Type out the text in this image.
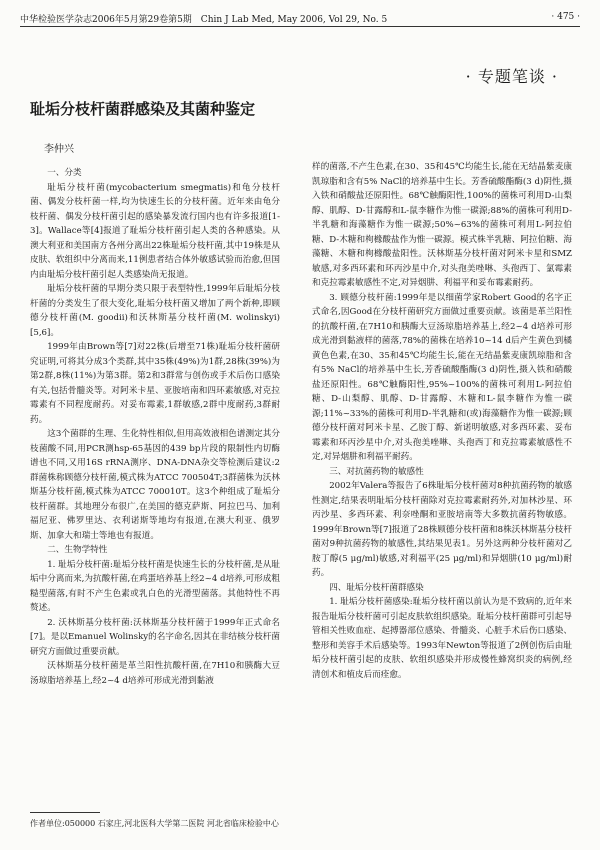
中华检验医学杂志2006年5月第29卷第5期　Chin J Lab Med, May 2006, Vol 29, No. 5	· 475 ·
· 专题笔谈 ·
耻垢分枝杆菌群感染及其菌种鉴定
李仲兴
一、分类

耻垢分枝杆菌(mycobacterium smegmatis)和龟分枝杆菌、偶发分枝杆菌一样,均为快速生长的分枝杆菌。近年来由龟分枝杆菌、偶发分枝杆菌引起的感染暴发流行国内也有许多报道[1-3]。Wallace等[4]报道了耻垢分枝杆菌引起人类的各种感染。从澳大利亚和美国南方各州分离出22株耻垢分枝杆菌,其中19株是从皮肤、软组织中分离而来,11例患者结合体外敏感试验而治愈,但国内由耻垢分枝杆菌引起人类感染尚无报道。

耻垢分枝杆菌的早期分类只限于表型特性,1999年后耻垢分枝杆菌的分类发生了很大变化,耻垢分枝杆菌又增加了两个新种,即顾德分枝杆菌(M. goodii)和沃林斯基分枝杆菌(M. wolinskyi)[5,6]。

1999年由Brown等[7]对22株(后增至71株)耻垢分枝杆菌研究证明,可将其分成3个类群,其中35株(49%)为1群,28株(39%)为第2群,8株(11%)为第3群。第2和3群常与创伤或手术后伤口感染有关,包括骨髓炎等。对阿米卡星、亚胺培南和四环素敏感,对克拉霉素有不同程度耐药。对妥布霉素,1群敏感,2群中度耐药,3群耐药。

这3个菌群的生理、生化特性相似,但用高效液相色谱测定其分枝菌酸不同,用PCR测hsp-65基因的439 bp片段的限制性内切酶谱也不同,又用16S rRNA测序、DNA-DNA杂交等检测后建议:2群菌株称顾德分枝杆菌,模式株为ATCC 700504T;3群菌株为沃林斯基分枝杆菌,模式株为ATCC 700010T。这3个种组成了耻垢分枝杆菌群。其地理分布很广,在美国的德克萨斯、阿拉巴马、加利福尼亚、佛罗里达、衣利诺斯等地均有报道,在澳大利亚、俄罗斯、加拿大和瑞士等地也有报道。

二、生物学特性

1. 耻垢分枝杆菌:耻垢分枝杆菌是快速生长的分枝杆菌,是从耻垢中分离而来,为抗酸杆菌,在鸡蛋培养基上经2~4 d培养,可形成粗糙型菌落,有时不产生色素或乳白色的光滑型菌落。其他特性不再赘述。

2. 沃林斯基分枝杆菌:沃林斯基分枝杆菌于1999年正式命名[7]。是以Emanuel Wolinsky的名字命名,因其在非结核分枝杆菌研究方面做过重要贡献。

沃林斯基分枝杆菌是革兰阳性抗酸杆菌,在7H10和胰酶大豆汤琼脂培养基上,经2~4 d培养可形成光滑到黏液

样的菌落,不产生色素,在30、35和45℃均能生长,能在无结晶紫麦康凯琼脂和含有5% NaCl的培养基中生长。芳香硫酸酯酶(3 d)阴性,摄入铁和硝酸盐还原阳性。68℃触酶阳性,100%的菌株可利用D-山梨醇、肌醇、D-甘露醇和L-鼠李糖作为惟一碳源;88%的菌株可利用D-半乳糖和海藻糖作为惟一碳源;50%~63%的菌株可利用L-阿拉伯糖、D-木糖和枸橼酸盐作为惟一碳源。模式株半乳糖、阿拉伯糖、海藻糖、木糖和枸橼酸盐阳性。沃林斯基分枝杆菌对阿米卡星和SMZ敏感,对多西环素和环丙沙星中介,对头孢美唑啉、头孢西丁、氯霉素和克拉霉素敏感性不定,对异烟肼、利福平和妥布霉素耐药。

3. 顾德分枝杆菌:1999年是以细菌学家Robert Good的名字正式命名,因Good在分枝杆菌研究方面做过重要贡献。该菌是革兰阳性的抗酸杆菌,在7H10和胰酶大豆汤琼脂培养基上,经2~4 d培养可形成光滑到黏液样的菌落,78%的菌株在培养10~14 d后产生黄色到橘黄色色素,在30、35和45℃均能生长,能在无结晶紫麦康凯琼脂和含有5% NaCl的培养基中生长,芳香硫酸酯酶(3 d)阴性,摄入铁和硝酸盐还原阳性。68℃触酶阳性,95%~100%的菌株可利用L-阿拉伯糖、D-山梨醇、肌醇、D-甘露醇、木糖和L-鼠李糖作为惟一碳源;11%~33%的菌株可利用D-半乳糖和(或)海藻糖作为惟一碳源;顾德分枝杆菌对阿米卡星、乙胺丁醇、新诺明敏感,对多西环素、妥布霉素和环丙沙星中介,对头孢美唑啉、头孢西丁和克拉霉素敏感性不定,对异烟肼和利福平耐药。

三、对抗菌药物的敏感性

2002年Valera等报告了6株耻垢分枝杆菌对8种抗菌药物的敏感性测定,结果表明耻垢分枝杆菌除对克拉霉素耐药外,对加林沙星、环丙沙星、多西环素、利奈唑酮和亚胺培南等大多数抗菌药物敏感。1999年Brown等[7]报道了28株顾德分枝杆菌和8株沃林斯基分枝杆菌对9种抗菌药物的敏感性,其结果见表1。另外这两种分枝杆菌对乙胺丁醇(5 μg/ml)敏感,对利福平(25 μg/ml)和异烟肼(10 μg/ml)耐药。

四、耻垢分枝杆菌群感染

1. 耻垢分枝杆菌感染:耻垢分枝杆菌以前认为是不致病的,近年来报告耻垢分枝杆菌可引起皮肤软组织感染。耻垢分枝杆菌群可引起导管相关性败血症、起搏器部位感染、骨髓炎、心脏手术后伤口感染、整形和美容手术后感染等。1993年Newton等报道了2例创伤后由耻垢分枝杆菌引起的皮肤、软组织感染并形成慢性蜂窝织炎的病例,经清创术和植皮后而痊愈。

作者单位:050000 石家庄,河北医科大学第二医院 河北省临床检验中心
